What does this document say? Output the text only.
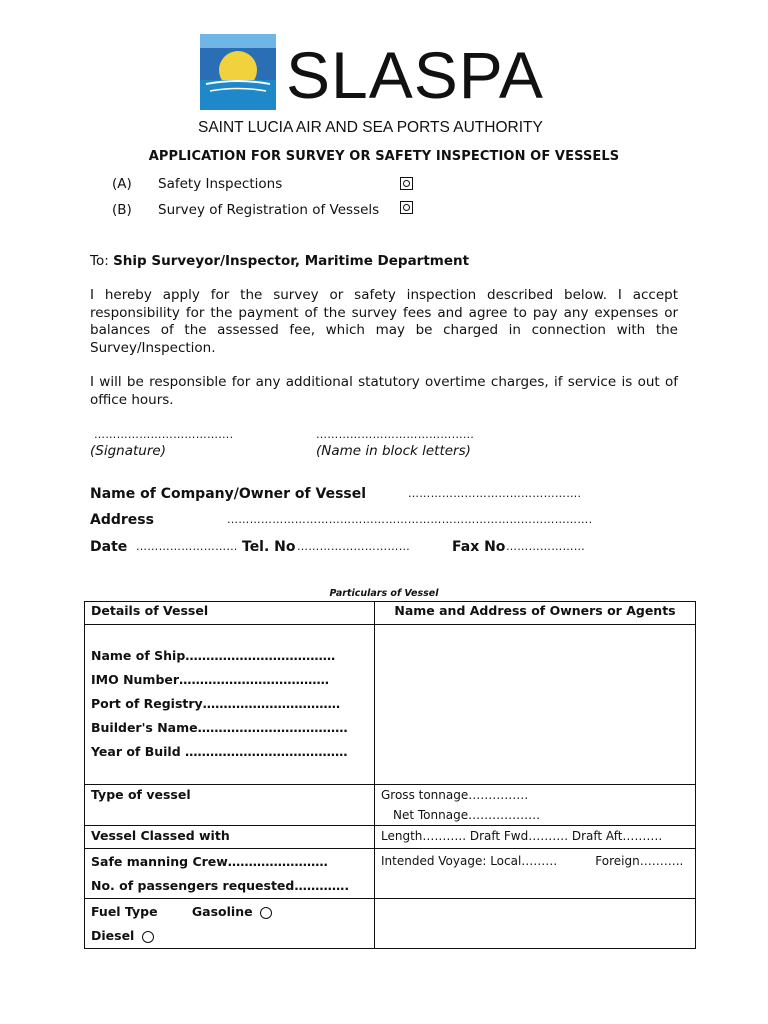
SLASPA
SAINT LUCIA AIR AND SEA PORTS AUTHORITY
APPLICATION FOR SURVEY OR SAFETY INSPECTION OF VESSELS
(A) Safety Inspections
(B) Survey of Registration of Vessels
To: Ship Surveyor/Inspector, Maritime Department
I hereby apply for the survey or safety inspection described below. I accept responsibility for the payment of the survey fees and agree to pay any expenses or balances of the assessed fee, which may be charged in connection with the Survey/Inspection.
I will be responsible for any additional statutory overtime charges, if service is out of office hours.
……………………………….
(Signature)
……………………………………
(Name in block letters)
Name of Company/Owner of Vessel	……………………………………….
Address	…………………………………………………………………………………….
Date ……………………… Tel. No …………………………	Fax No …………………
Particulars of Vessel
Details of Vessel	Name and Address of Owners or Agents

Name of Ship………………………………
IMO Number………………………………
Port of Registry……………………………
Builder's Name………………………………
Year of Build …………………………………	

Type of vessel	Gross tonnage…………… Net Tonnage………………
Vessel Classed with	Length……….. Draft Fwd………. Draft Aft……….

Safe manning Crew……………………
No. of passengers requested………….	Intended Voyage: Local……… Foreign………..

Fuel Type Gasoline
Diesel	
